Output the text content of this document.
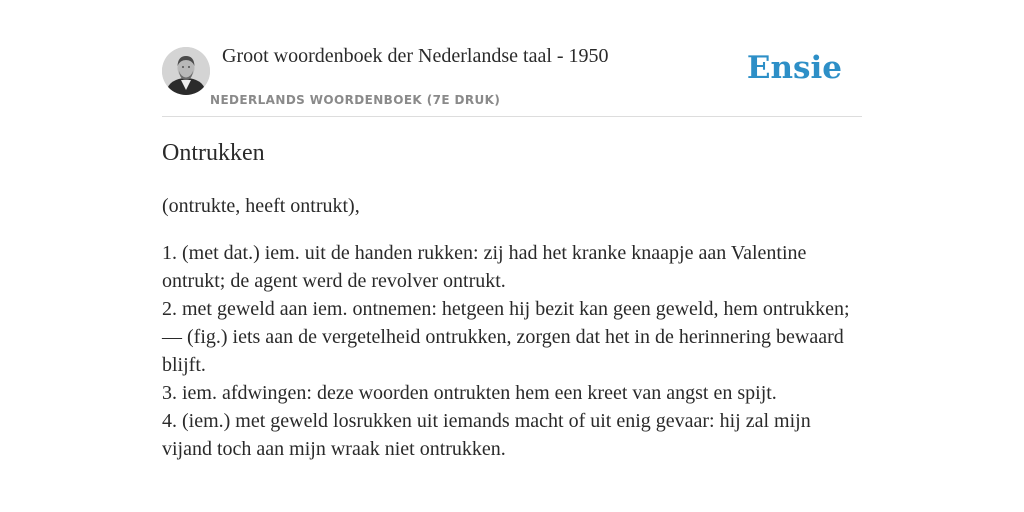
Groot woordenboek der Nederlandse taal - 1950
NEDERLANDS WOORDENBOEK (7E DRUK)
Ensie
Ontrukken

(ontrukte, heeft ontrukt),

1. (met dat.) iem. uit de handen rukken: zij had het kranke knaapje aan Valentine ontrukt; de agent werd de revolver ontrukt.
2. met geweld aan iem. ontnemen: hetgeen hij bezit kan geen geweld, hem ontrukken; — (fig.) iets aan de vergetelheid ontrukken, zorgen dat het in de herinnering bewaard blijft.
3. iem. afdwingen: deze woorden ontrukten hem een kreet van angst en spijt.
4. (iem.) met geweld losrukken uit iemands macht of uit enig gevaar: hij zal mijn vijand toch aan mijn wraak niet ontrukken.
